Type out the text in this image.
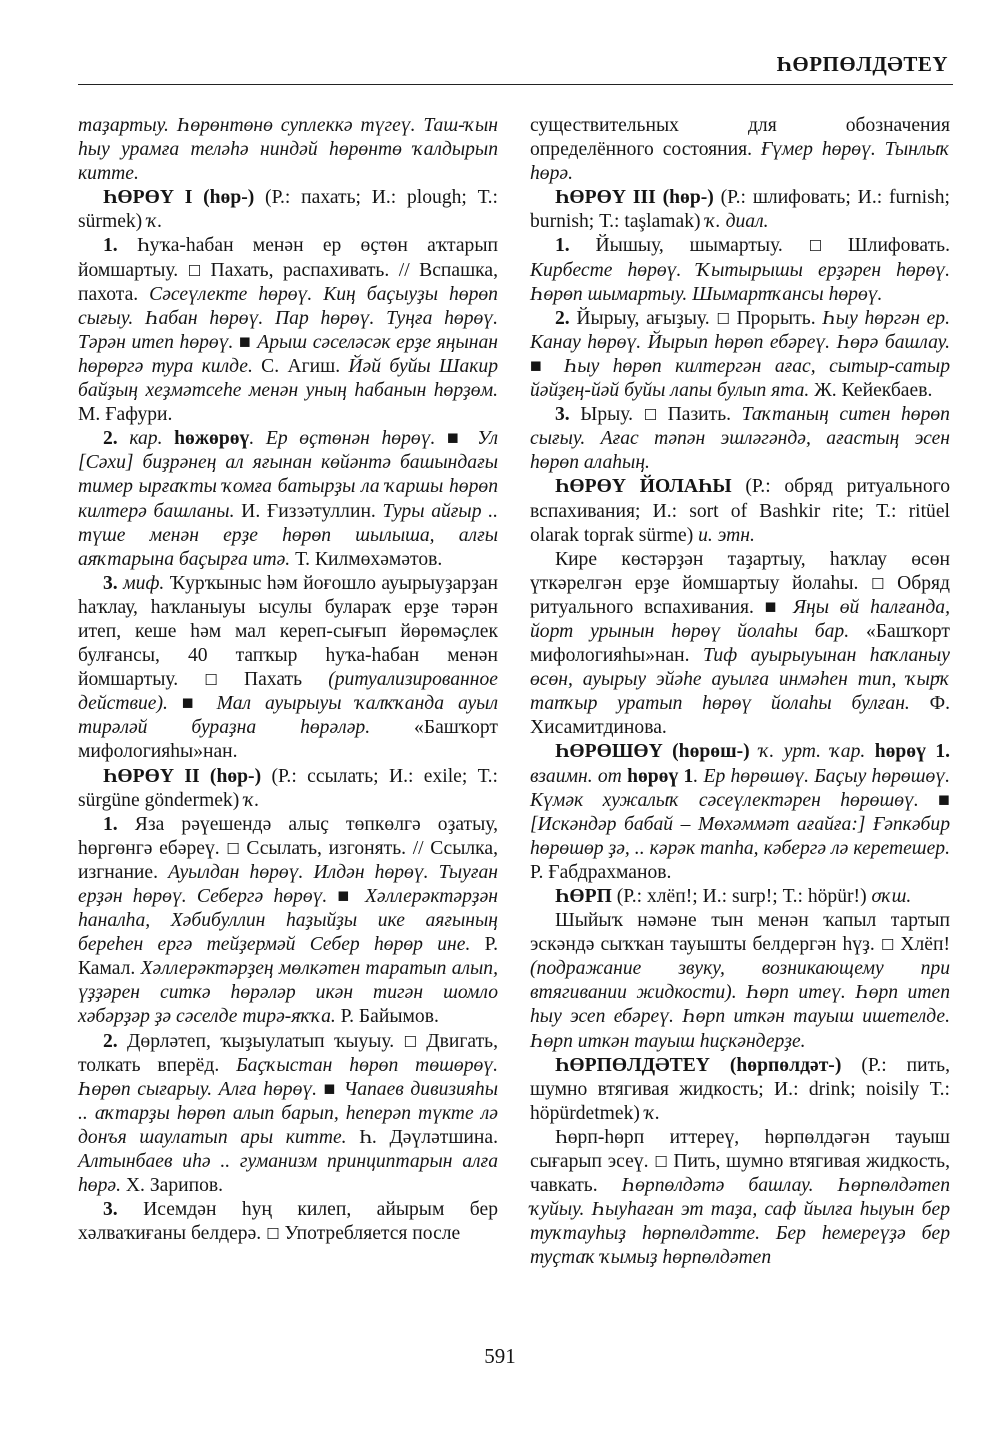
ҺӨРПӨЛДӘТЕҮ

таҙартыу. Һөрөнтөнө суплеккә түгеү. Таш-ҡын һыу урамға теләһә ниндәй һөрөнтө ҡалдырып китте.

ҺӨРӨҮ I (һөр-) (Р.: пахать; И.: plough; Т.: sürmek) ҡ.

1. Һуҡа-һабан менән ер өҫтөн аҡтарып йомшартыу. ☐ Пахать, распахивать. // Вспашка, пахота. Сәсеүлекте һөрөү. Киң баҫыуҙы һөрөп сығыу. Һабан һөрөү. Пар һөрөү. Туңға һөрөү. Тәрән итеп һөрөү. ■ Арыш сәселәсәк ерҙе яңынан һөрөргә тура килде. С. Агиш. Йәй буйы Шакир байҙың хеҙмәтсеһе менән уның һабанын һөрҙөм. М. Ғафури.

2. кар. һөжөрөү. Ер өҫтөнән һөрөү. ■ Ул [Сәхи] биҙрәнең ал яғынан көйәнтә башындағы тимер ырғаҡты ҡомға батырҙы ла ҡаршы һөрөп килтерә башланы. И. Ғиззәтуллин. Туры айғыр .. түше менән ерҙе һөрөп шылыша, алғы аяҡтарына баҫырға итә. Т. Килмөхәмәтов.

3. миф. Ҡурҡыныс һәм йоғошло ауырыуҙарҙан һаҡлау, һаҡланыуы ысулы булараҡ ерҙе тәрән итеп, кеше һәм мал кереп-сығып йөрөмәҫлек булғансы, 40 тапҡыр һуҡа-һабан менән йомшартыу. ☐ Пахать (ритуализированное действие). ■ Мал ауырыуы ҡалҡҡанда ауыл тирәләй бураҙна һөрәләр. «Башҡорт мифологияһы»нан.

ҺӨРӨҮ II (һөр-) (Р.: ссылать; И.: exile; Т.: sürgüne göndermek) ҡ.

1. Яза рәүешендә алыҫ төпкөлгә оҙатыу, һөргөнгә ебәреү. ☐ Ссылать, изгонять. // Ссылка, изгнание. Ауылдан һөрөү. Илдән һөрөү. Тыуған ерҙән һөрөү. Себергә һөрөү. ■ Хәллерәктәрҙән һаналһа, Хәбибуллин һаҙыйҙы ике аяғының береһен ергә тейҙермәй Себер һөрөр ине. Р. Камал. Хәллерәктәрҙең мөлкәтен таратып алып, үҙҙәрен ситкә һөрәләр икән тигән шомло хәбәрҙәр ҙә сәселде тирә-яҡҡа. Р. Байымов.

2. Дөрләтеп, ҡыҙыулатып ҡыуыу. ☐ Двигать, толкать вперёд. Баҫҡыстан һөрөп төшөрөү. Һөрөп сығарыу. Алға һөрөү. ■ Чапаев дивизияһы .. аҡтарҙы һөрөп алып барып, һеперәп түкте лә донъя шаулатып ары китте. Һ. Дәүләтшина. Алтынбаев иһә .. гуманизм принциптарын алға һөрә. Х. Зарипов.

3. Исемдән һуң килеп, айырым бер хәлваҡиғаны белдерә. ☐ Употребляется после

существительных для обозначения определённого состояния. Ғүмер һөрөү. Тынлыҡ һөрә.

ҺӨРӨҮ III (һөр-) (Р.: шлифовать; И.: furnish; burnish; Т.: taşlamak) ҡ. диал.

1. Йышыу, шымартыу. ☐ Шлифовать. Кирбесте һөрөү. Ҡытырышы ерҙәрен һөрөү. Һөрөп шымартыу. Шымартҡансы һөрөү.

2. Йырыу, ағыҙыу. ☐ Прорыть. Һыу һөргән ер. Канау һөрөү. Йырып һөрөп ебәреү. Һөрә башлау. ■ Һыу һөрөп килтергән ағас, сытыр-сатыр йәйҙең-йәй буйы лапы булып ята. Ж. Кейекбаев.

3. Ырыу. ☐ Пазить. Таҡтаның ситен һөрөп сығыу. Ағас тәпән эшләгәндә, ағастың эсен һөрөп алаһың.

ҺӨРӨҮ ЙОЛАҺЫ (Р.: обряд ритуального вспахивания; И.: sort of Bashkir rite; Т.: ritüel olarak toprak sürme) и. этн.

Кире көстәрҙән таҙартыу, һаҡлау өсөн үткәрелгән ерҙе йомшартыу йолаһы. ☐ Обряд ритуального вспахивания. ■ Яңы өй һалғанда, йорт урынын һөрөү йолаһы бар. «Башҡорт мифологияһы»нан. Тиф ауырыуынан һаҡланыу өсөн, ауырыу эйәһе ауылға инмәһен тип, ҡырҡ тапҡыр уратып һөрөү йолаһы булған. Ф. Хисамитдинова.

ҺӨРӨШӨҮ (һөрөш-) ҡ. урт. ҡар. һөрөү 1. взаимн. от һөрөү 1. Ер һөрөшөү. Баҫыу һөрөшөү. Күмәк хужалыҡ сәсеүлектәрен һөрөшөү. ■ [Искәндәр бабай – Мөхәммәт ағайға:] Ғәпкәбир һөрөшөр ҙә, .. кәрәк тапһа, кәбергә лә керетешер. Р. Ғабдрахманов.

ҺӨРП (Р.: хлёп!; И.: surp!; Т.: höpür!) оҡш.

Шыйыҡ нәмәне тын менән ҡапыл тартып эскәндә сыҡҡан тауышты белдергән һүҙ. ☐ Хлёп! (подражание звуку, возникающему при втягивании жидкости). Һөрп итеү. Һөрп итеп һыу эсеп ебәреү. Һөрп иткән тауыш ишетелде. Һөрп иткән тауыш һиҫкәндерҙе.

ҺӨРПӨЛДӘТЕҮ (һөрпөлдәт-) (Р.: пить, шумно втягивая жидкость; И.: drink; noisily Т.: höpürdetmek) ҡ.

Һөрп-һөрп иттереү, һөрпөлдәгән тауыш сығарып эсеү. ☐ Пить, шумно втягивая жидкость, чавкать. Һөрпөлдәтә башлау. Һөрпөлдәтеп ҡуйыу. Һыуһаған эт таҙа, саф йылға һыуын бер туҡтауһыҙ һөрпөлдәтте. Бер һемереүҙә бер туҫтаҡ ҡымыҙ һөрпөлдәтеп

591
